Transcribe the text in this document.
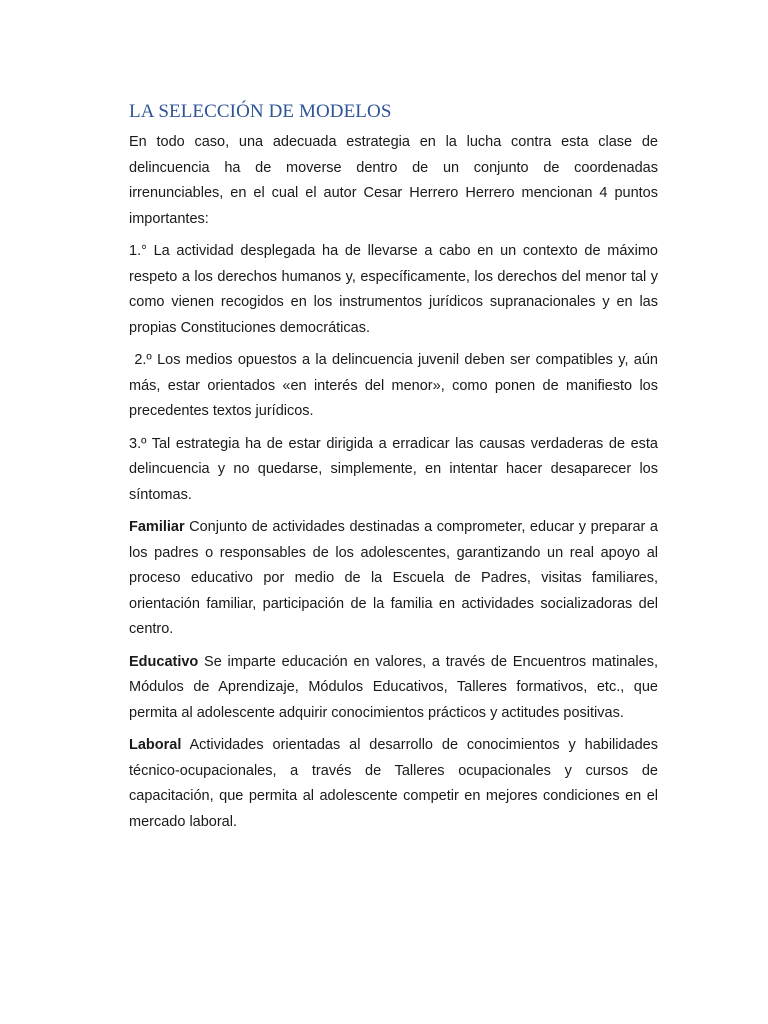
LA SELECCIÓN DE MODELOS

En todo caso, una adecuada estrategia en la lucha contra esta clase de delincuencia ha de moverse dentro de un conjunto de coordenadas irrenunciables, en el cual el autor Cesar Herrero Herrero mencionan 4 puntos importantes:

1.° La actividad desplegada ha de llevarse a cabo en un contexto de máximo respeto a los derechos humanos y, específicamente, los derechos del menor tal y como vienen recogidos en los instrumentos jurídicos supranacionales y en las propias Constituciones democráticas.

2.º Los medios opuestos a la delincuencia juvenil deben ser compatibles y, aún más, estar orientados «en interés del menor», como ponen de manifiesto los precedentes textos jurídicos.

3.º Tal estrategia ha de estar dirigida a erradicar las causas verdaderas de esta delincuencia y no quedarse, simplemente, en intentar hacer desaparecer los síntomas.

Familiar Conjunto de actividades destinadas a comprometer, educar y preparar a los padres o responsables de los adolescentes, garantizando un real apoyo al proceso educativo por medio de la Escuela de Padres, visitas familiares, orientación familiar, participación de la familia en actividades socializadoras del centro.

Educativo Se imparte educación en valores, a través de Encuentros matinales, Módulos de Aprendizaje, Módulos Educativos, Talleres formativos, etc., que permita al adolescente adquirir conocimientos prácticos y actitudes positivas.

Laboral Actividades orientadas al desarrollo de conocimientos y habilidades técnico-ocupacionales, a través de Talleres ocupacionales y cursos de capacitación, que permita al adolescente competir en mejores condiciones en el mercado laboral.
